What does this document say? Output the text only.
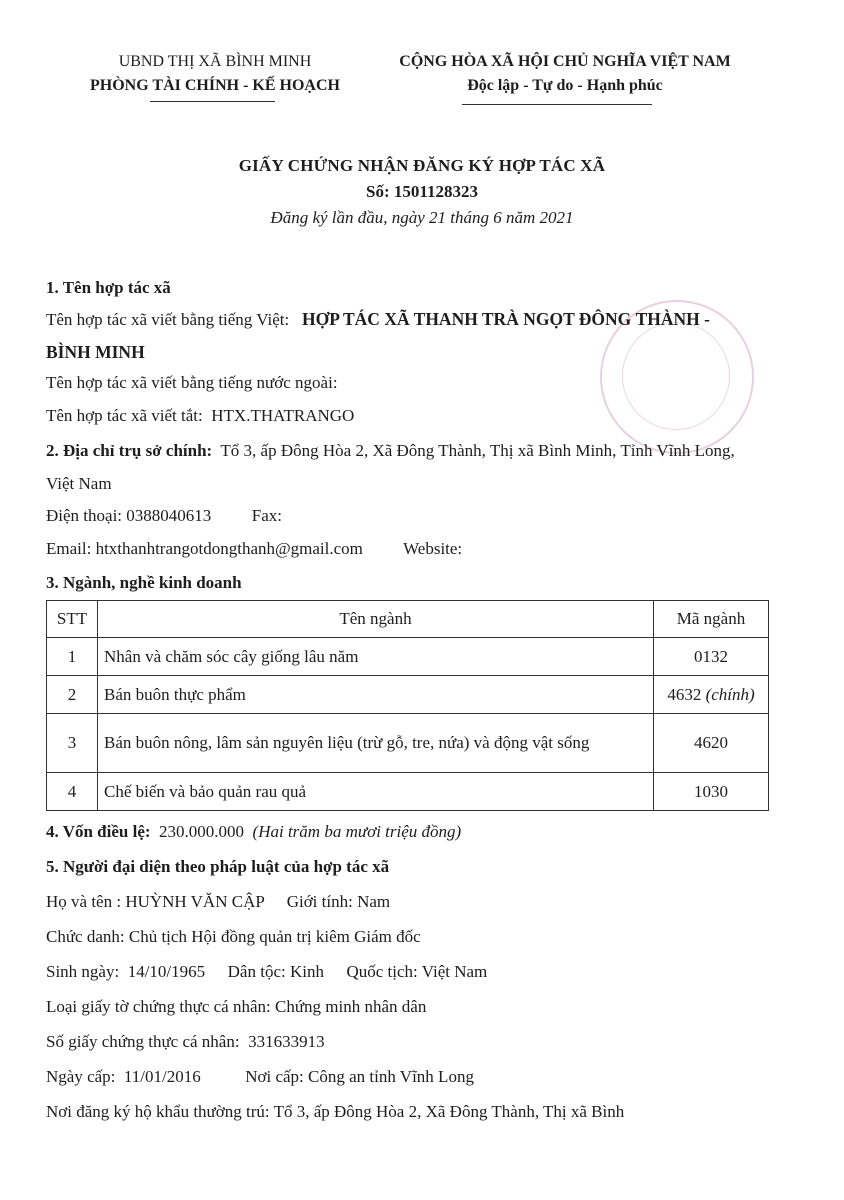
UBND THỊ XÃ BÌNH MINH
PHÒNG TÀI CHÍNH - KẾ HOẠCH
CỘNG HÒA XÃ HỘI CHỦ NGHĨA VIỆT NAM
Độc lập - Tự do - Hạnh phúc
GIẤY CHỨNG NHẬN ĐĂNG KÝ HỢP TÁC XÃ
Số: 1501128323
Đăng ký lần đầu, ngày 21 tháng 6 năm 2021
1. Tên hợp tác xã
Tên hợp tác xã viết bằng tiếng Việt: HỢP TÁC XÃ THANH TRÀ NGỌT ĐÔNG THÀNH - BÌNH MINH
Tên hợp tác xã viết bằng tiếng nước ngoài:
Tên hợp tác xã viết tắt: HTX.THATRANGO
2. Địa chỉ trụ sở chính: Tổ 3, ấp Đông Hòa 2, Xã Đông Thành, Thị xã Bình Minh, Tỉnh Vĩnh Long, Việt Nam
Điện thoại: 0388040613 Fax:
Email: htxthanhtrangotdongthanh@gmail.com Website:
3. Ngành, nghề kinh doanh
STT	Tên ngành	Mã ngành
1	Nhân và chăm sóc cây giống lâu năm	0132
2	Bán buôn thực phẩm	4632 (chính)
3	Bán buôn nông, lâm sản nguyên liệu (trừ gỗ, tre, nứa) và động vật sống	4620
4	Chế biến và bảo quản rau quả	1030
4. Vốn điều lệ: 230.000.000 (Hai trăm ba mươi triệu đồng)
5. Người đại diện theo pháp luật của hợp tác xã
Họ và tên : HUỲNH VĂN CẬP Giới tính: Nam
Chức danh: Chủ tịch Hội đồng quản trị kiêm Giám đốc
Sinh ngày: 14/10/1965 Dân tộc: Kinh Quốc tịch: Việt Nam
Loại giấy tờ chứng thực cá nhân: Chứng minh nhân dân
Số giấy chứng thực cá nhân: 331633913
Ngày cấp: 11/01/2016	Nơi cấp: Công an tỉnh Vĩnh Long
Nơi đăng ký hộ khẩu thường trú: Tổ 3, ấp Đông Hòa 2, Xã Đông Thành, Thị xã Bình
